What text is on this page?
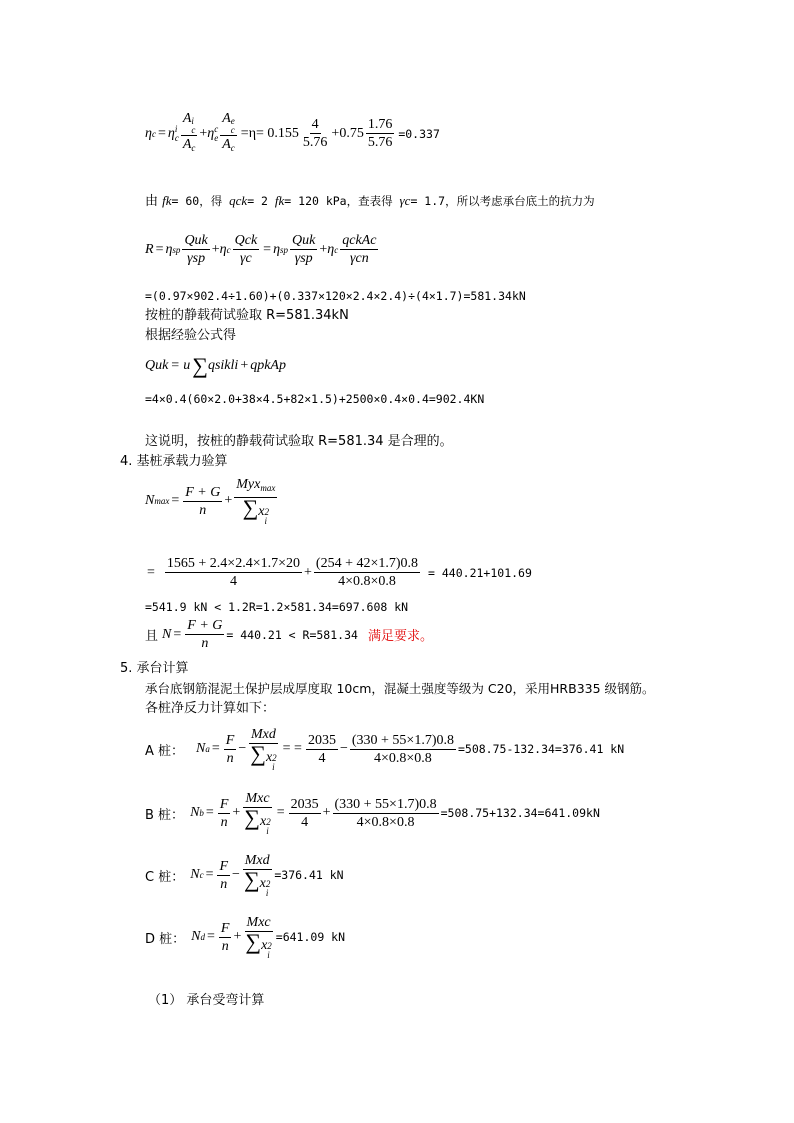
η c = η i
c A i
c
$A_c + \eta$ c
e A e
c
$A_c =\eta= 0.155 \frac{4}{5.76} +0.75 \frac{1.76}{5.76} =0.337$
由 fk= 60，得 qck= 2 fk= 120 kPa，查表得 γc= 1.7，所以考虑承台底土的抗力为
R = η sp $\frac{\text{Quk}}{\text{γsp}} + \eta$ c $\frac{\text{Qck}}{\gamma c} = \eta$ sp $\frac{\text{Quk}}{\text{γsp}} + \eta$ c $\frac{\text{qckAc}}{\text{γcn}}$
=(0.97×902.4÷1.60)+(0.337×120×2.4×2.4)÷(4×1.7)=581.34kN
按桩的静载荷试验取 R=581.34kN
根据经验公式得
Quk = u ∑ qsikli + qpkAp
=4×0.4(60×2.0+38×4.5+82×1.5)+2500×0.4×0.4=902.4KN
这说明，按桩的静载荷试验取 R=581.34 是合理的。
4. 基桩承载力验算
N $\max = \frac{F + G}{n} + Myx_{max}$
∑x 2
i
= $\frac{1565 + 2.4\times 2.4\times 1.7\times 20}{4} + \frac{(254 + 42\times 1.7)0.8}{4\times 0.8\times 0.8} = 440.21+101.69$
=541.9 kN < 1.2R=1.2×581.34=697.608 kN
且 $N = \frac{F + G}{n} = 440.21 < R=581.34$ 满足要求。
5. 承台计算
承台底钢筋混泥土保护层成厚度取 10cm，混凝土强度等级为 C20，采用HRB335 级钢筋。
各桩净反力计算如下：
A 桩： N $a = \frac{F}{n}$ − Mxd
∑x 2
i = = $\frac{2035}{4} - \frac{(330 + 55\times 1.7)0.8}{4\times 0.8\times 0.8} =508.75-132.34=376.41$ kN
B 桩： N $b = \frac{F}{n}$ + Mxc
∑x 2
$i = \frac{2035}{4} + \frac{(330 + 55\times 1.7)0.8}{4\times 0.8\times 0.8} =508.75+132.34=641.09kN$
C 桩： N $c = \frac{F}{n}$ − Mxd
∑x 2
i =376.41 kN
D 桩： N $d = \frac{F}{n}$ + Mxc
∑x 2
i =641.09 kN
（1） 承台受弯计算
